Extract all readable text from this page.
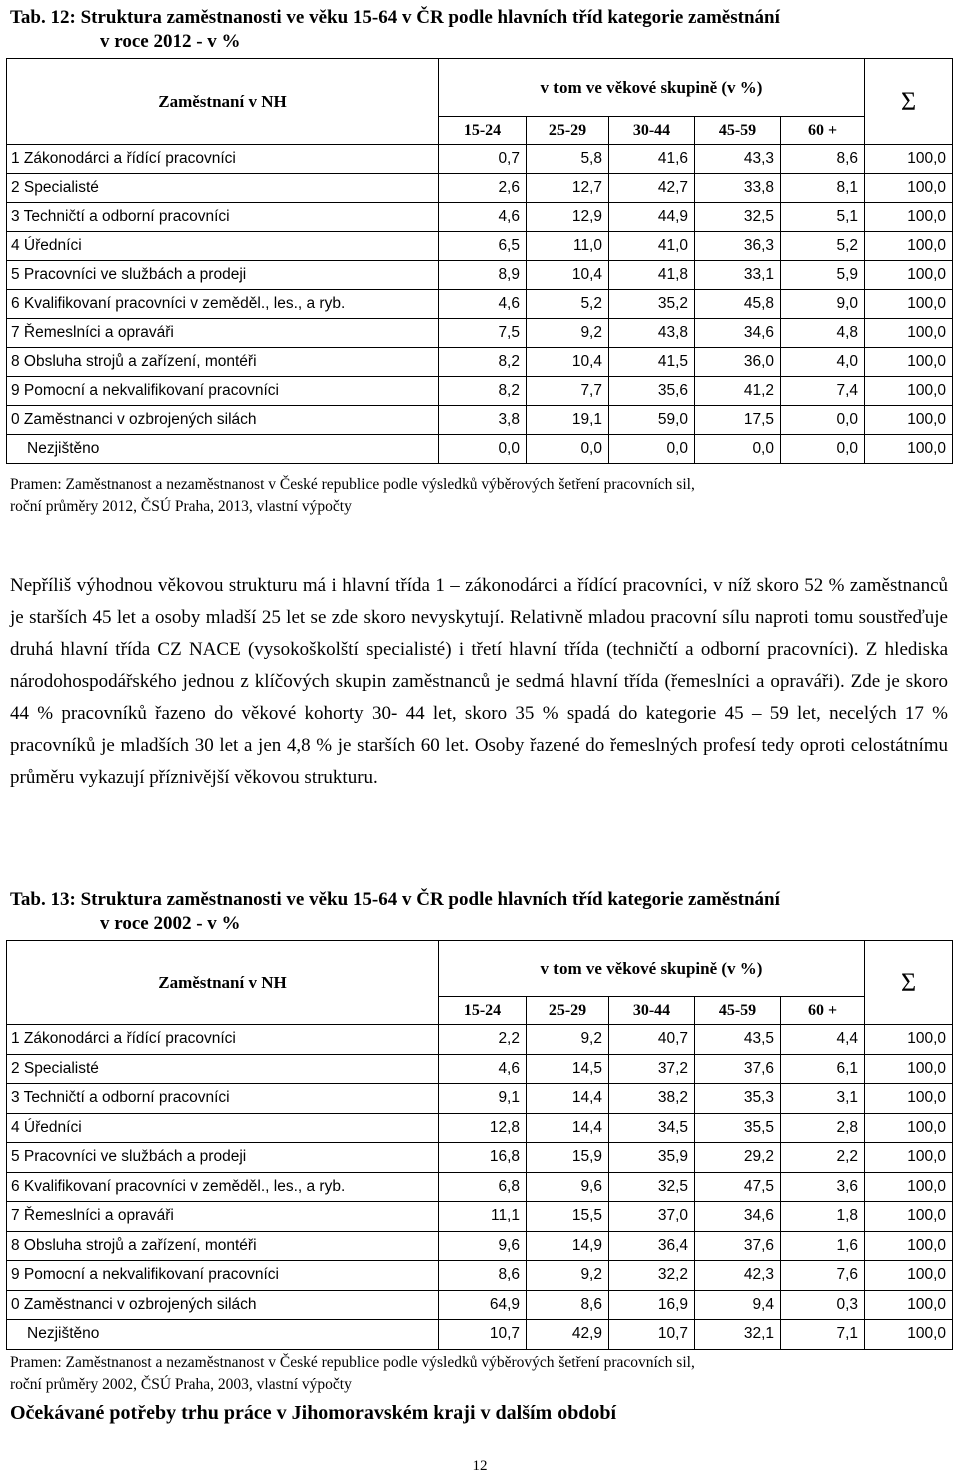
Tab. 12: Struktura zaměstnanosti ve věku 15-64 v ČR podle hlavních tříd kategorie zaměstnání
v roce 2012 - v %
Zaměstnaní v NH	v tom ve věkové skupině (v %)					Σ
	15-24	25-29	30-44	45-59	60 +	
1 Zákonodárci a řídící pracovníci	0,7	5,8	41,6	43,3	8,6	100,0
2 Specialisté	2,6	12,7	42,7	33,8	8,1	100,0
3 Techničtí a odborní pracovníci	4,6	12,9	44,9	32,5	5,1	100,0
4 Úředníci	6,5	11,0	41,0	36,3	5,2	100,0
5 Pracovníci ve službách a prodeji	8,9	10,4	41,8	33,1	5,9	100,0
6 Kvalifikovaní pracovníci v zeměděl., les., a ryb.	4,6	5,2	35,2	45,8	9,0	100,0
7 Řemeslníci a opraváři	7,5	9,2	43,8	34,6	4,8	100,0
8 Obsluha strojů a zařízení, montéři	8,2	10,4	41,5	36,0	4,0	100,0
9 Pomocní a nekvalifikovaní pracovníci	8,2	7,7	35,6	41,2	7,4	100,0
0 Zaměstnanci v ozbrojených silách	3,8	19,1	59,0	17,5	0,0	100,0
Nezjištěno	0,0	0,0	0,0	0,0	0,0	100,0
Pramen: Zaměstnanost a nezaměstnanost v České republice podle výsledků výběrových šetření pracovních sil,
roční průměry 2012, ČSÚ Praha, 2013, vlastní výpočty
Nepříliš výhodnou věkovou strukturu má i hlavní třída 1 – zákonodárci a řídící pracovníci, v níž skoro 52 % zaměstnanců je starších 45 let a osoby mladší 25 let se zde skoro nevyskytují. Relativně mladou pracovní sílu naproti tomu soustřeďuje druhá hlavní třída CZ NACE (vysokoškolští specialisté) i třetí hlavní třída (techničtí a odborní pracovníci). Z hlediska národohospodářského jednou z klíčových skupin zaměstnanců je sedmá hlavní třída (řemeslníci a opraváři). Zde je skoro 44 % pracovníků řazeno do věkové kohorty 30- 44 let, skoro 35 % spadá do kategorie 45 – 59 let, necelých 17 % pracovníků je mladších 30 let a jen 4,8 % je starších 60 let. Osoby řazené do řemeslných profesí tedy oproti celostátnímu průměru vykazují příznivější věkovou strukturu.
Tab. 13: Struktura zaměstnanosti ve věku 15-64 v ČR podle hlavních tříd kategorie zaměstnání
v roce 2002 - v %
Zaměstnaní v NH	v tom ve věkové skupině (v %)					Σ
	15-24	25-29	30-44	45-59	60 +	
1 Zákonodárci a řídící pracovníci	2,2	9,2	40,7	43,5	4,4	100,0
2 Specialisté	4,6	14,5	37,2	37,6	6,1	100,0
3 Techničtí a odborní pracovníci	9,1	14,4	38,2	35,3	3,1	100,0
4 Úředníci	12,8	14,4	34,5	35,5	2,8	100,0
5 Pracovníci ve službách a prodeji	16,8	15,9	35,9	29,2	2,2	100,0
6 Kvalifikovaní pracovníci v zeměděl., les., a ryb.	6,8	9,6	32,5	47,5	3,6	100,0
7 Řemeslníci a opraváři	11,1	15,5	37,0	34,6	1,8	100,0
8 Obsluha strojů a zařízení, montéři	9,6	14,9	36,4	37,6	1,6	100,0
9 Pomocní a nekvalifikovaní pracovníci	8,6	9,2	32,2	42,3	7,6	100,0
0 Zaměstnanci v ozbrojených silách	64,9	8,6	16,9	9,4	0,3	100,0
Nezjištěno	10,7	42,9	10,7	32,1	7,1	100,0
Pramen: Zaměstnanost a nezaměstnanost v České republice podle výsledků výběrových šetření pracovních sil,
roční průměry 2002, ČSÚ Praha, 2003, vlastní výpočty
Očekávané potřeby trhu práce v Jihomoravském kraji v dalším období
12
